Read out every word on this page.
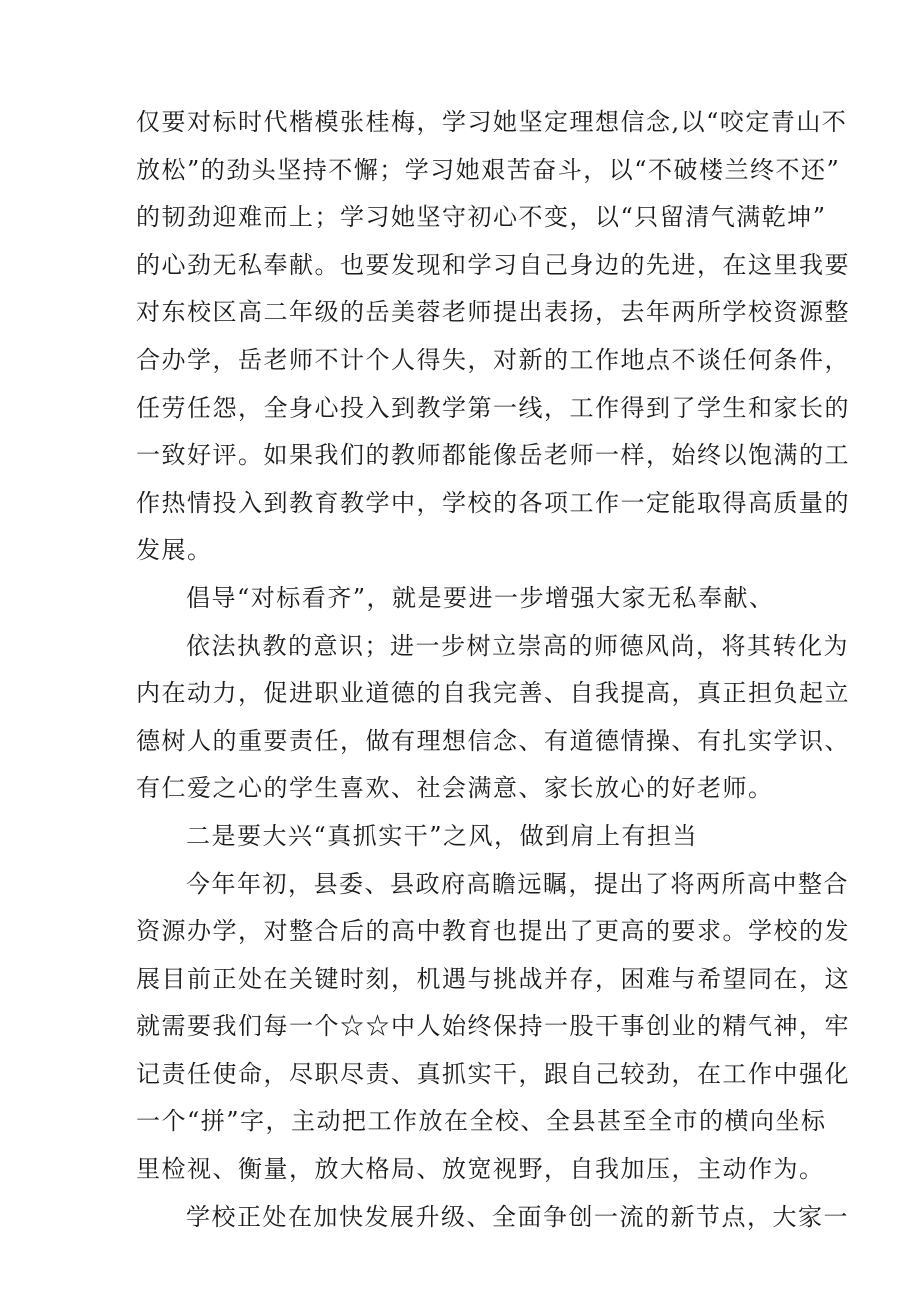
仅要对标时代楷模张桂梅，学习她坚定理想信念,以“咬定青山不
放松”的劲头坚持不懈；学习她艰苦奋斗，以“不破楼兰终不还”
的韧劲迎难而上；学习她坚守初心不变，以“只留清气满乾坤”
的心劲无私奉献。也要发现和学习自己身边的先进，在这里我要
对东校区高二年级的岳美蓉老师提出表扬，去年两所学校资源整
合办学，岳老师不计个人得失，对新的工作地点不谈任何条件，
任劳任怨，全身心投入到教学第一线，工作得到了学生和家长的
一致好评。如果我们的教师都能像岳老师一样，始终以饱满的工
作热情投入到教育教学中，学校的各项工作一定能取得高质量的
发展。
倡导“对标看齐”，就是要进一步增强大家无私奉献、
依法执教的意识；进一步树立崇高的师德风尚，将其转化为
内在动力，促进职业道德的自我完善、自我提高，真正担负起立
德树人的重要责任，做有理想信念、有道德情操、有扎实学识、
有仁爱之心的学生喜欢、社会满意、家长放心的好老师。
二是要大兴“真抓实干”之风，做到肩上有担当
今年年初，县委、县政府高瞻远瞩，提出了将两所高中整合
资源办学，对整合后的高中教育也提出了更高的要求。学校的发
展目前正处在关键时刻，机遇与挑战并存，困难与希望同在，这
就需要我们每一个☆☆中人始终保持一股干事创业的精气神，牢
记责任使命，尽职尽责、真抓实干，跟自己较劲，在工作中强化
一个“拼”字，主动把工作放在全校、全县甚至全市的横向坐标
里检视、衡量，放大格局、放宽视野，自我加压，主动作为。
学校正处在加快发展升级、全面争创一流的新节点，大家一
